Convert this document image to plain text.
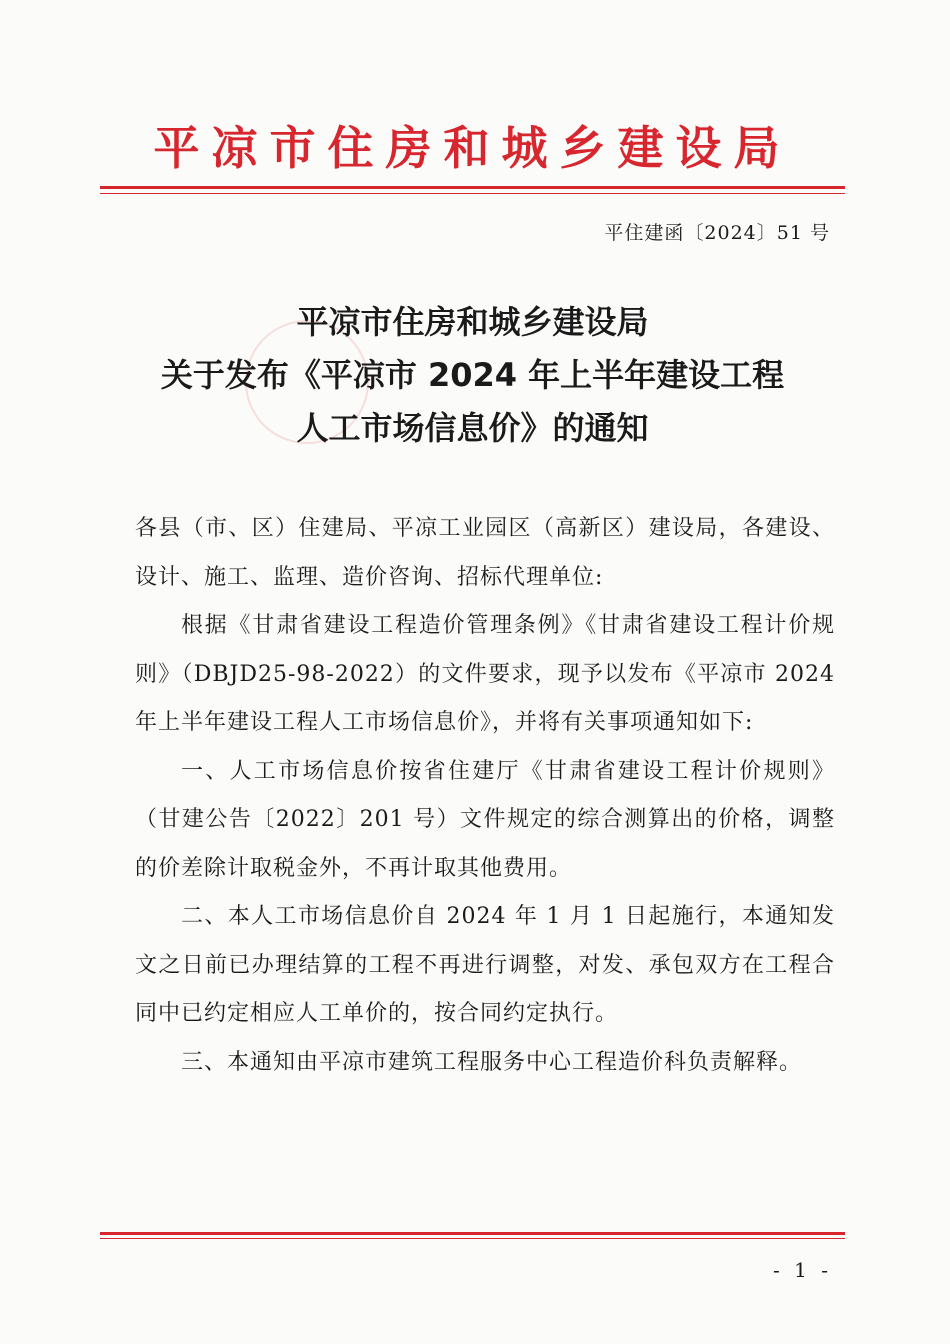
平凉市住房和城乡建设局
平住建函〔2024〕51 号
平凉市住房和城乡建设局
关于发布《平凉市 2024 年上半年建设工程
人工市场信息价》的通知

各县（市、区）住建局、平凉工业园区（高新区）建设局，各建设、设计、施工、监理、造价咨询、招标代理单位:

根据《甘肃省建设工程造价管理条例》《甘肃省建设工程计价规则》（DBJD25-98-2022）的文件要求，现予以发布《平凉市 2024 年上半年建设工程人工市场信息价》，并将有关事项通知如下:

一、人工市场信息价按省住建厅《甘肃省建设工程计价规则》（甘建公告〔2022〕201 号）文件规定的综合测算出的价格，调整的价差除计取税金外，不再计取其他费用。

二、本人工市场信息价自 2024 年 1 月 1 日起施行，本通知发文之日前已办理结算的工程不再进行调整，对发、承包双方在工程合同中已约定相应人工单价的，按合同约定执行。

三、本通知由平凉市建筑工程服务中心工程造价科负责解释。

- 1 -
